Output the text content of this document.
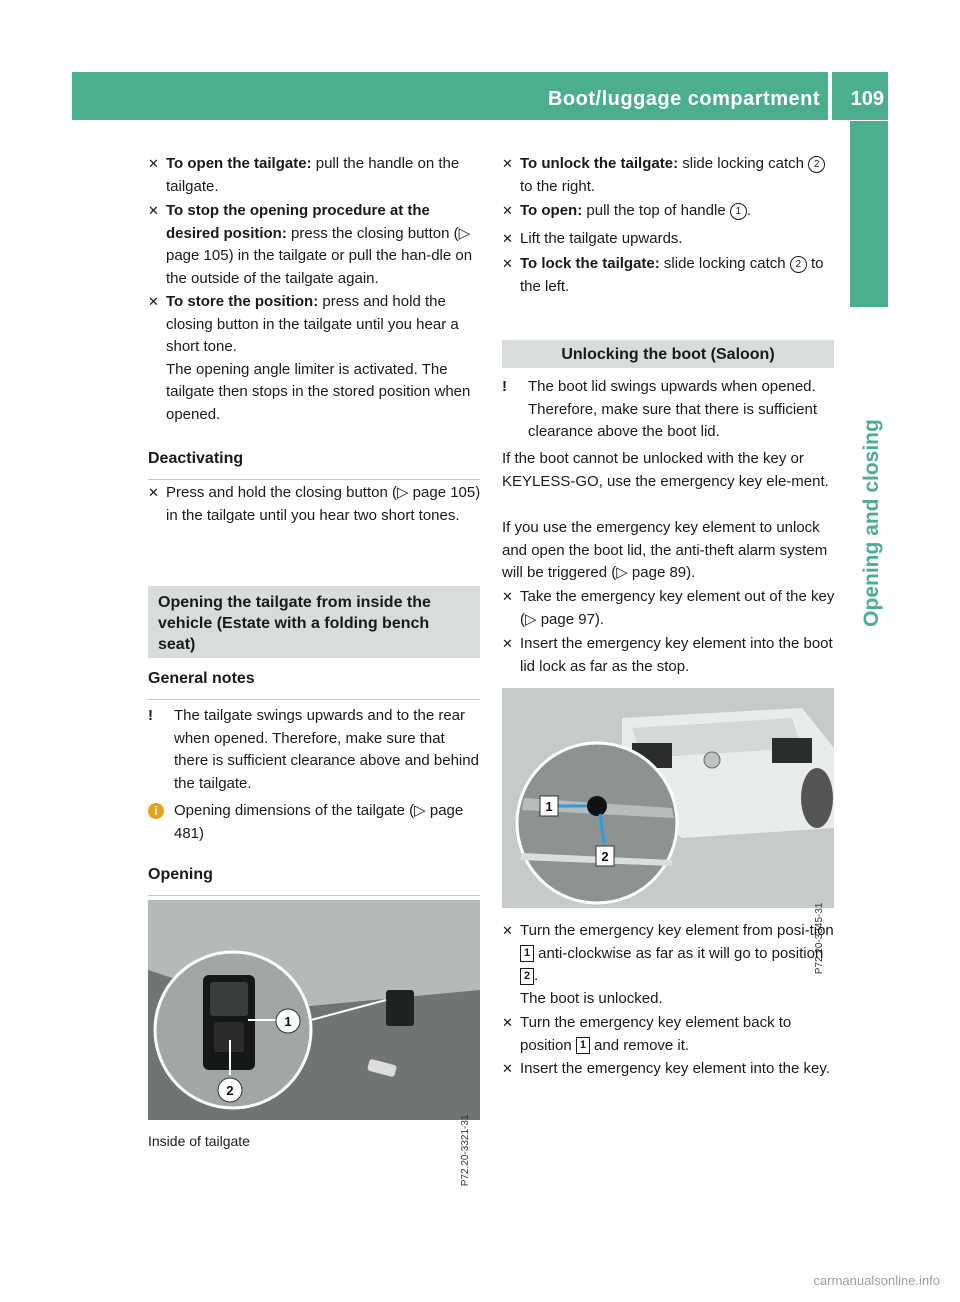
Boot/luggage compartment 109
Opening and closing
✕ To open the tailgate: pull the handle on the tailgate.
✕ To stop the opening procedure at the desired position: press the closing button (▷ page 105) in the tailgate or pull the han-dle on the outside of the tailgate again.
✕ To store the position: press and hold the closing button in the tailgate until you hear a short tone.
The opening angle limiter is activated. The tailgate then stops in the stored position when opened.
Deactivating
✕ Press and hold the closing button (▷ page 105) in the tailgate until you hear two short tones.
Opening the tailgate from inside the vehicle (Estate with a folding bench seat)
General notes
! The tailgate swings upwards and to the rear when opened. Therefore, make sure that there is sufficient clearance above and behind the tailgate.
i	Opening dimensions of the tailgate (▷ page 481)
Opening
1
2
P72.20-3321-31
Inside of tailgate
✕ To unlock the tailgate: slide locking catch 2 to the right.
✕ To open: pull the top of handle 1 .
✕ Lift the tailgate upwards.
✕ To lock the tailgate: slide locking catch 2 to the left.
Unlocking the boot (Saloon)
! The boot lid swings upwards when opened. Therefore, make sure that there is sufficient clearance above the boot lid.
If the boot cannot be unlocked with the key or KEYLESS-GO, use the emergency key ele-ment.
If you use the emergency key element to unlock and open the boot lid, the anti-theft alarm system will be triggered (▷ page 89).
✕ Take the emergency key element out of the key (▷ page 97).
✕ Insert the emergency key element into the boot lid lock as far as the stop.
1
2
P72.20-3345-31
✕ Turn the emergency key element from posi-tion 1 anti-clockwise as far as it will go to position 2 .
The boot is unlocked.
✕ Turn the emergency key element back to position 1 and remove it.
✕ Insert the emergency key element into the key.
carmanualsonline.info
